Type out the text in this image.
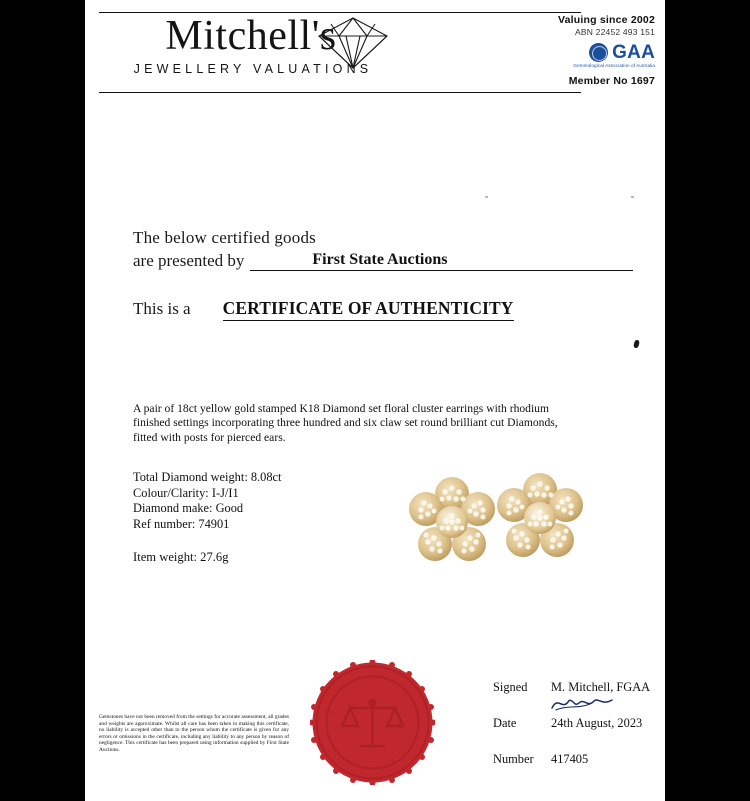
Mitchell's
JEWELLERY VALUATIONS
Valuing since 2002
ABN 22452 493 151
GAA
Gemmological Association of Australia
Member No 1697
The below certified goods
are presented by	First State Auctions
This is a CERTIFICATE OF AUTHENTICITY
A pair of 18ct yellow gold stamped K18 Diamond set floral cluster earrings with rhodium finished settings incorporating three hundred and six claw set round brilliant cut Diamonds, fitted with posts for pierced ears.
Total Diamond weight: 8.08ct
Colour/Clarity: I-J/I1
Diamond make: Good
Ref number: 74901
Item weight: 27.6g
Gemstones have not been removed from the settings for accurate assessment, all grades and weights are approximate. Whilst all care has been taken in making this certificate, no liability is accepted other than to the person whom the certificate is given for any errors or omissions in the certificate, including any liability to any person by reason of negligence. This certificate has been prepared using information supplied by First State Auctions.
Signed	M. Mitchell, FGAA
Date	24th August, 2023
Number	417405
